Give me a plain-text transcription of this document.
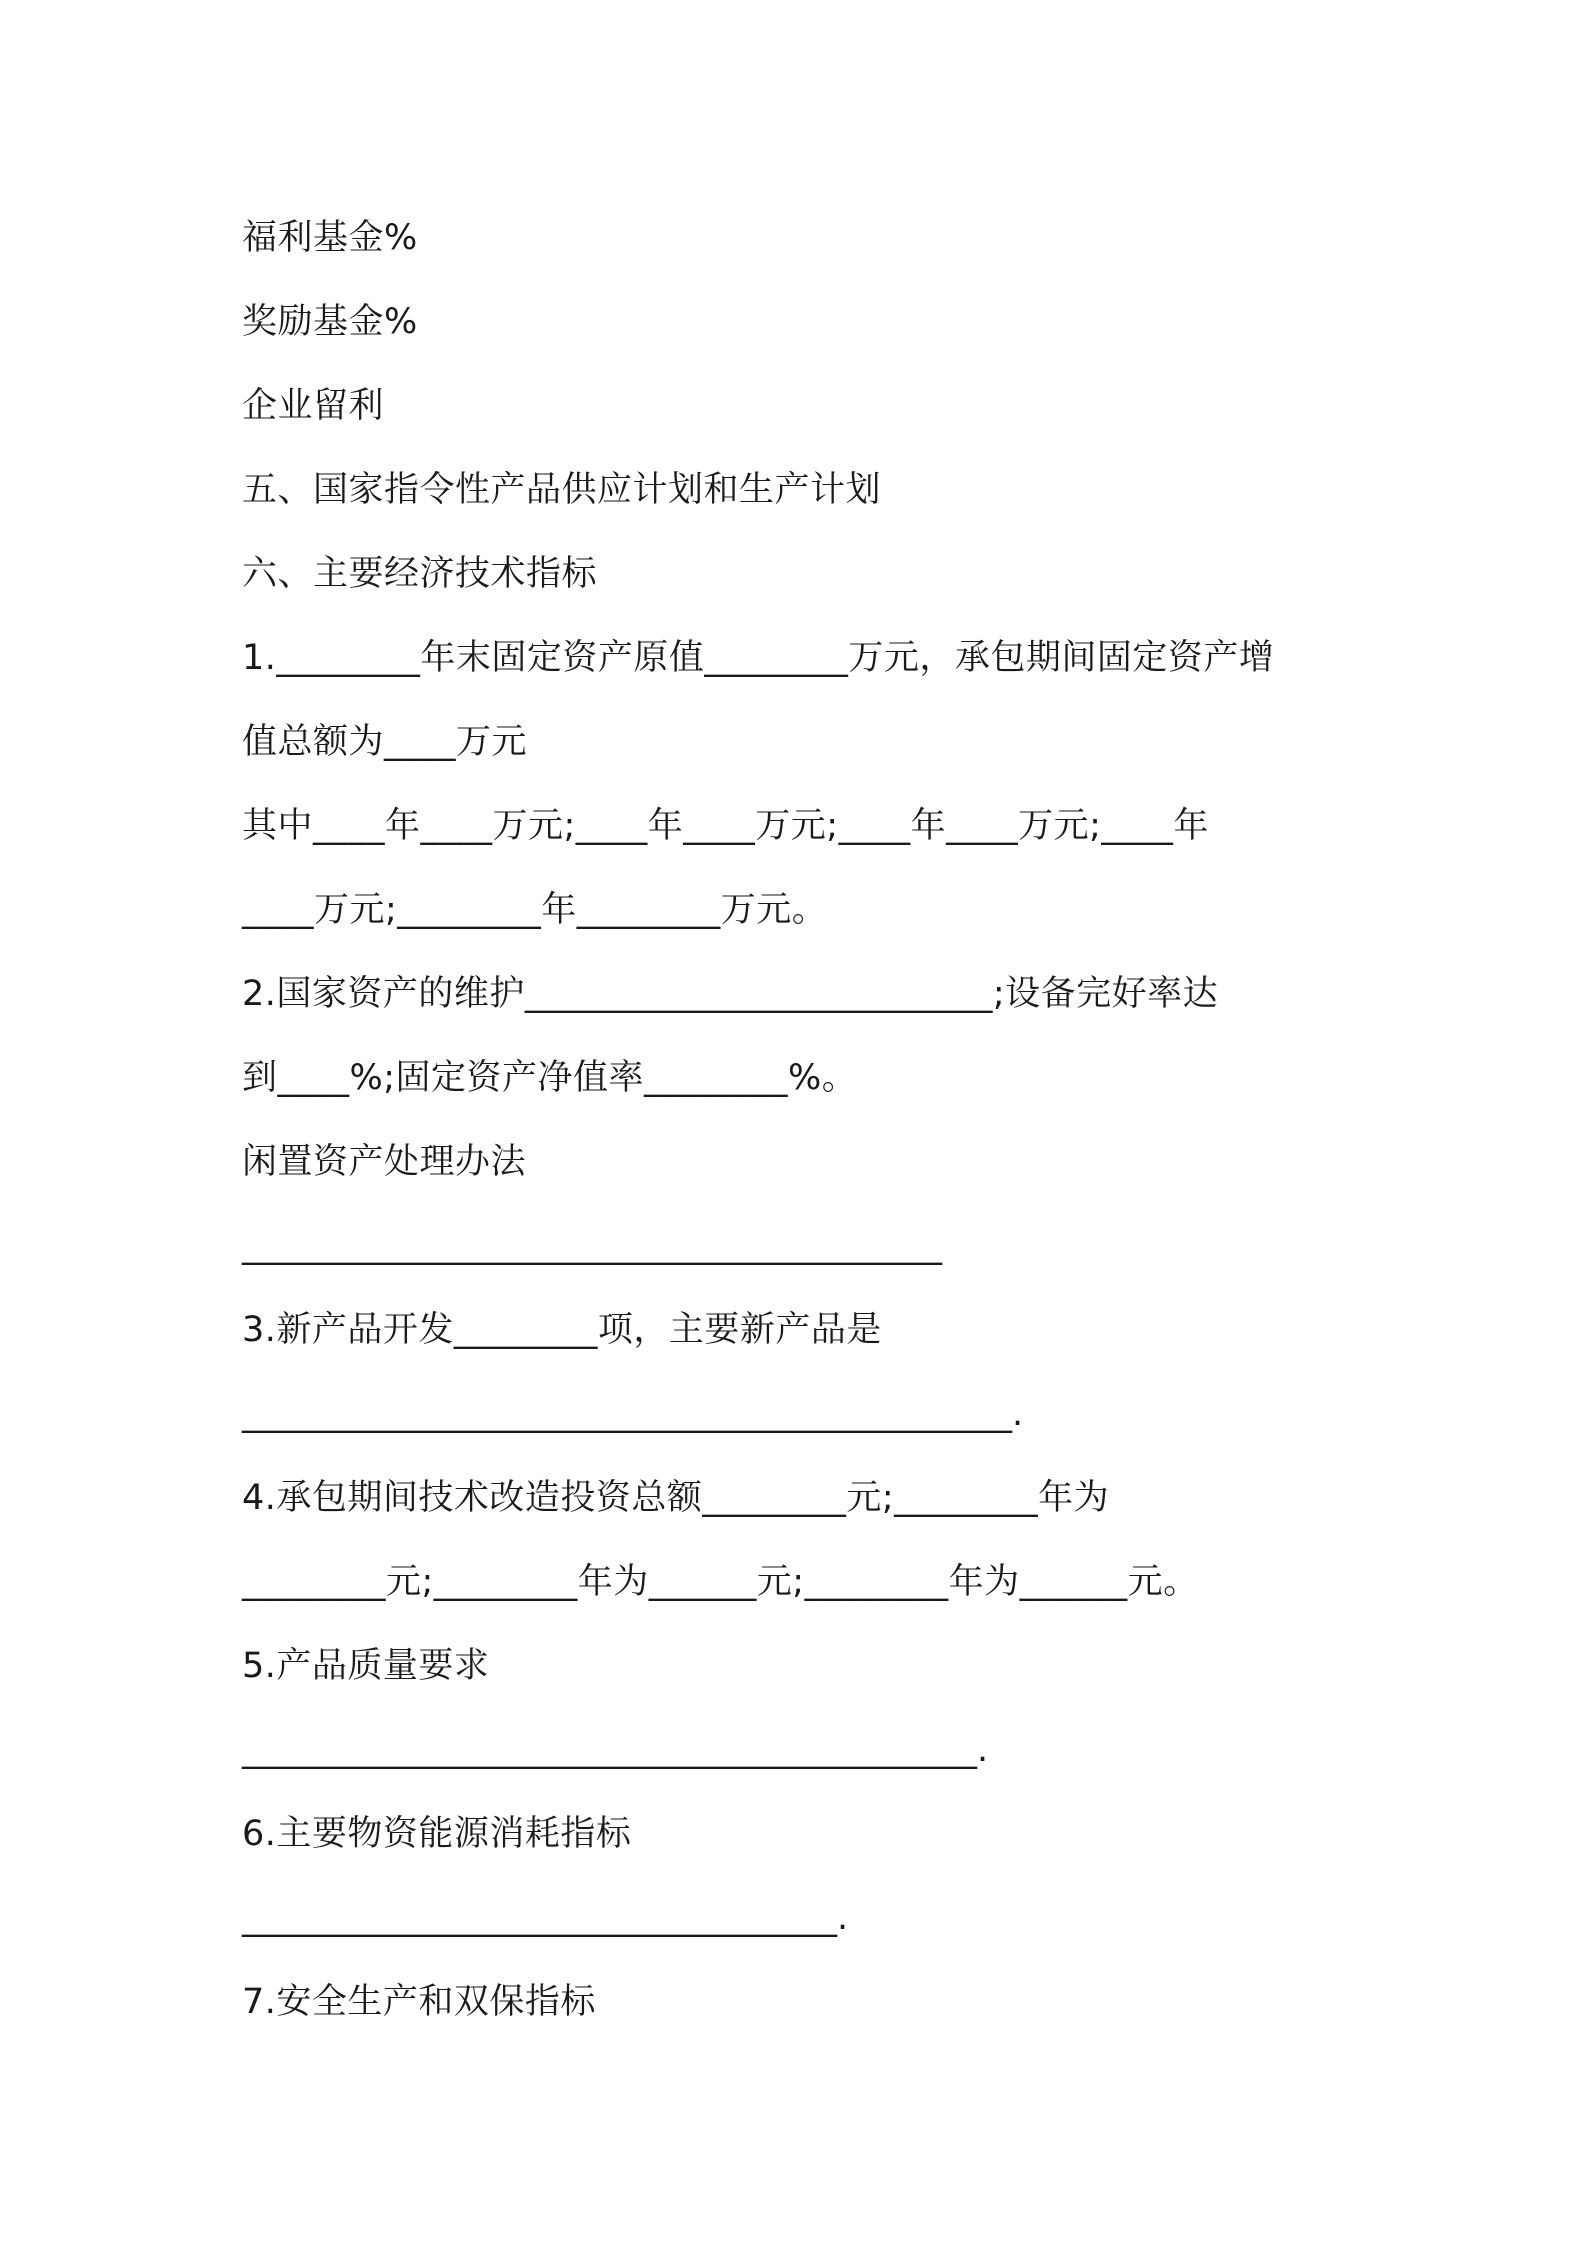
福利基金%
奖励基金%
企业留利
五、国家指令性产品供应计划和生产计划
六、主要经济技术指标
1.________年末固定资产原值________万元，承包期间固定资产增
值总额为____万元
其中____年____万元;____年____万元;____年____万元;____年
____万元;________年________万元。
2.国家资产的维护__________________________;设备完好率达
到____%;固定资产净值率________%。
闲置资产处理办法
________________________________________
3.新产品开发________项，主要新产品是
____________________________________________.
4.承包期间技术改造投资总额________元;________年为
________元;________年为______元;________年为______元。
5.产品质量要求
__________________________________________.
6.主要物资能源消耗指标
__________________________________.
7.安全生产和双保指标
